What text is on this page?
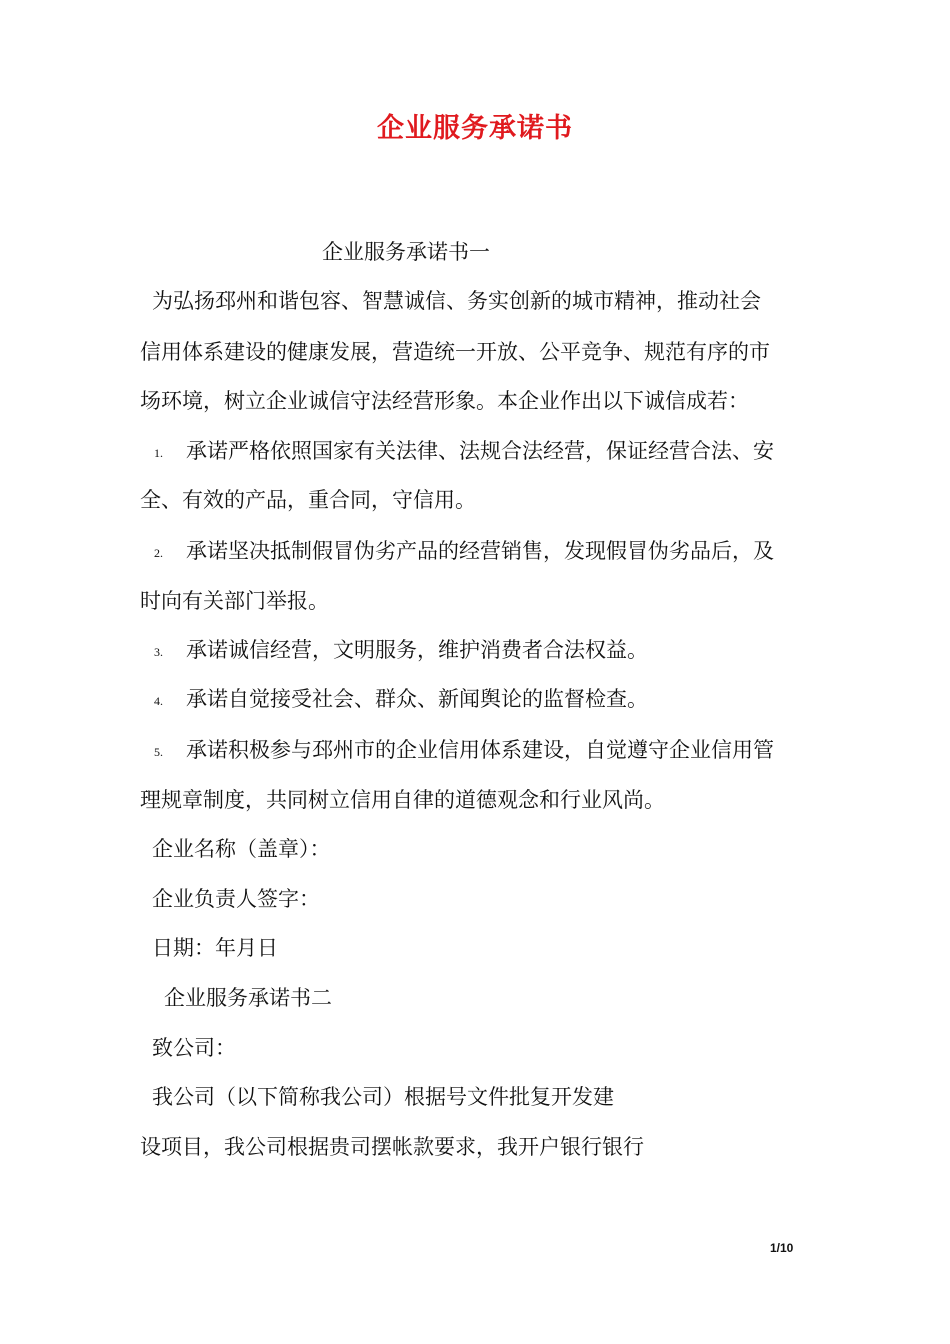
企业服务承诺书
企业服务承诺书一
为弘扬邳州和谐包容、智慧诚信、务实创新的城市精神，推动社会
信用体系建设的健康发展，营造统一开放、公平竞争、规范有序的市
场环境，树立企业诚信守法经营形象。本企业作出以下诚信成若：
1. 承诺严格依照国家有关法律、法规合法经营，保证经营合法、安
全、有效的产品，重合同，守信用。
2. 承诺坚决抵制假冒伪劣产品的经营销售，发现假冒伪劣品后，及
时向有关部门举报。
3. 承诺诚信经营，文明服务，维护消费者合法权益。
4. 承诺自觉接受社会、群众、新闻舆论的监督检查。
5. 承诺积极参与邳州市的企业信用体系建设，自觉遵守企业信用管
理规章制度，共同树立信用自律的道德观念和行业风尚。
企业名称（盖章）：
企业负责人签字：
日期：年月日
企业服务承诺书二
致公司：
我公司（以下简称我公司）根据号文件批复开发建
设项目，我公司根据贵司摆帐款要求，我开户银行银行
1/10
